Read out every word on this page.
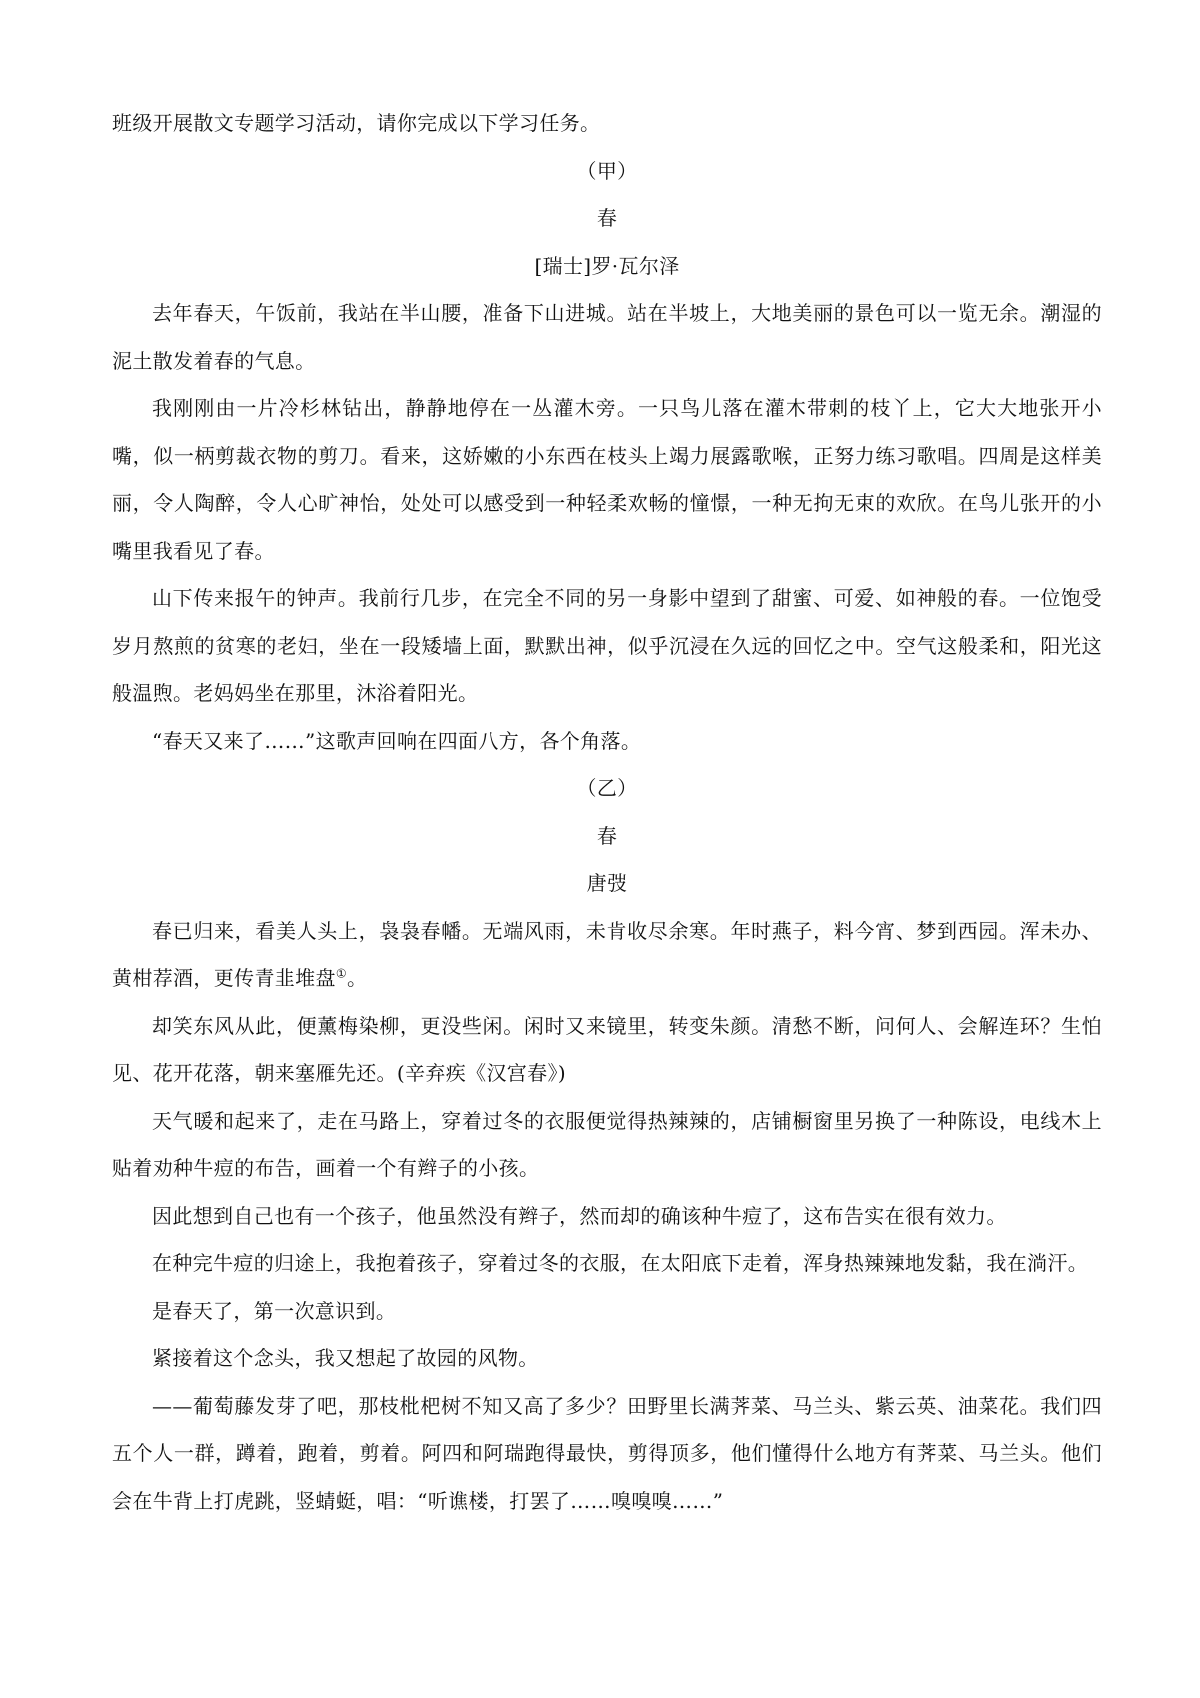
班级开展散文专题学习活动，请你完成以下学习任务。

（甲）

春

[瑞士]罗·瓦尔泽

去年春天，午饭前，我站在半山腰，准备下山进城。站在半坡上，大地美丽的景色可以一览无余。潮湿的泥土散发着春的气息。

我刚刚由一片冷杉林钻出，静静地停在一丛灌木旁。一只鸟儿落在灌木带刺的枝丫上，它大大地张开小嘴，似一柄剪裁衣物的剪刀。看来，这娇嫩的小东西在枝头上竭力展露歌喉，正努力练习歌唱。四周是这样美丽，令人陶醉，令人心旷神怡，处处可以感受到一种轻柔欢畅的憧憬，一种无拘无束的欢欣。在鸟儿张开的小嘴里我看见了春。

山下传来报午的钟声。我前行几步，在完全不同的另一身影中望到了甜蜜、可爱、如神般的春。一位饱受岁月熬煎的贫寒的老妇，坐在一段矮墙上面，默默出神，似乎沉浸在久远的回忆之中。空气这般柔和，阳光这般温煦。老妈妈坐在那里，沐浴着阳光。

“春天又来了……”这歌声回响在四面八方，各个角落。

（乙）

春

唐弢

春已归来，看美人头上，袅袅春幡。无端风雨，未肯收尽余寒。年时燕子，料今宵、梦到西园。浑未办、黄柑荐酒，更传青韭堆盘①。

却笑东风从此，便薰梅染柳，更没些闲。闲时又来镜里，转变朱颜。清愁不断，问何人、会解连环？生怕见、花开花落，朝来塞雁先还。(辛弃疾《汉宫春》)

天气暖和起来了，走在马路上，穿着过冬的衣服便觉得热辣辣的，店铺橱窗里另换了一种陈设，电线木上贴着劝种牛痘的布告，画着一个有辫子的小孩。

因此想到自己也有一个孩子，他虽然没有辫子，然而却的确该种牛痘了，这布告实在很有效力。

在种完牛痘的归途上，我抱着孩子，穿着过冬的衣服，在太阳底下走着，浑身热辣辣地发黏，我在淌汗。

是春天了，第一次意识到。

紧接着这个念头，我又想起了故园的风物。

——葡萄藤发芽了吧，那枝枇杷树不知又高了多少？田野里长满荠菜、马兰头、紫云英、油菜花。我们四五个人一群，蹲着，跑着，剪着。阿四和阿瑞跑得最快，剪得顶多，他们懂得什么地方有荠菜、马兰头。他们会在牛背上打虎跳，竖蜻蜓，唱：“听谯楼，打罢了……嗅嗅嗅……”
